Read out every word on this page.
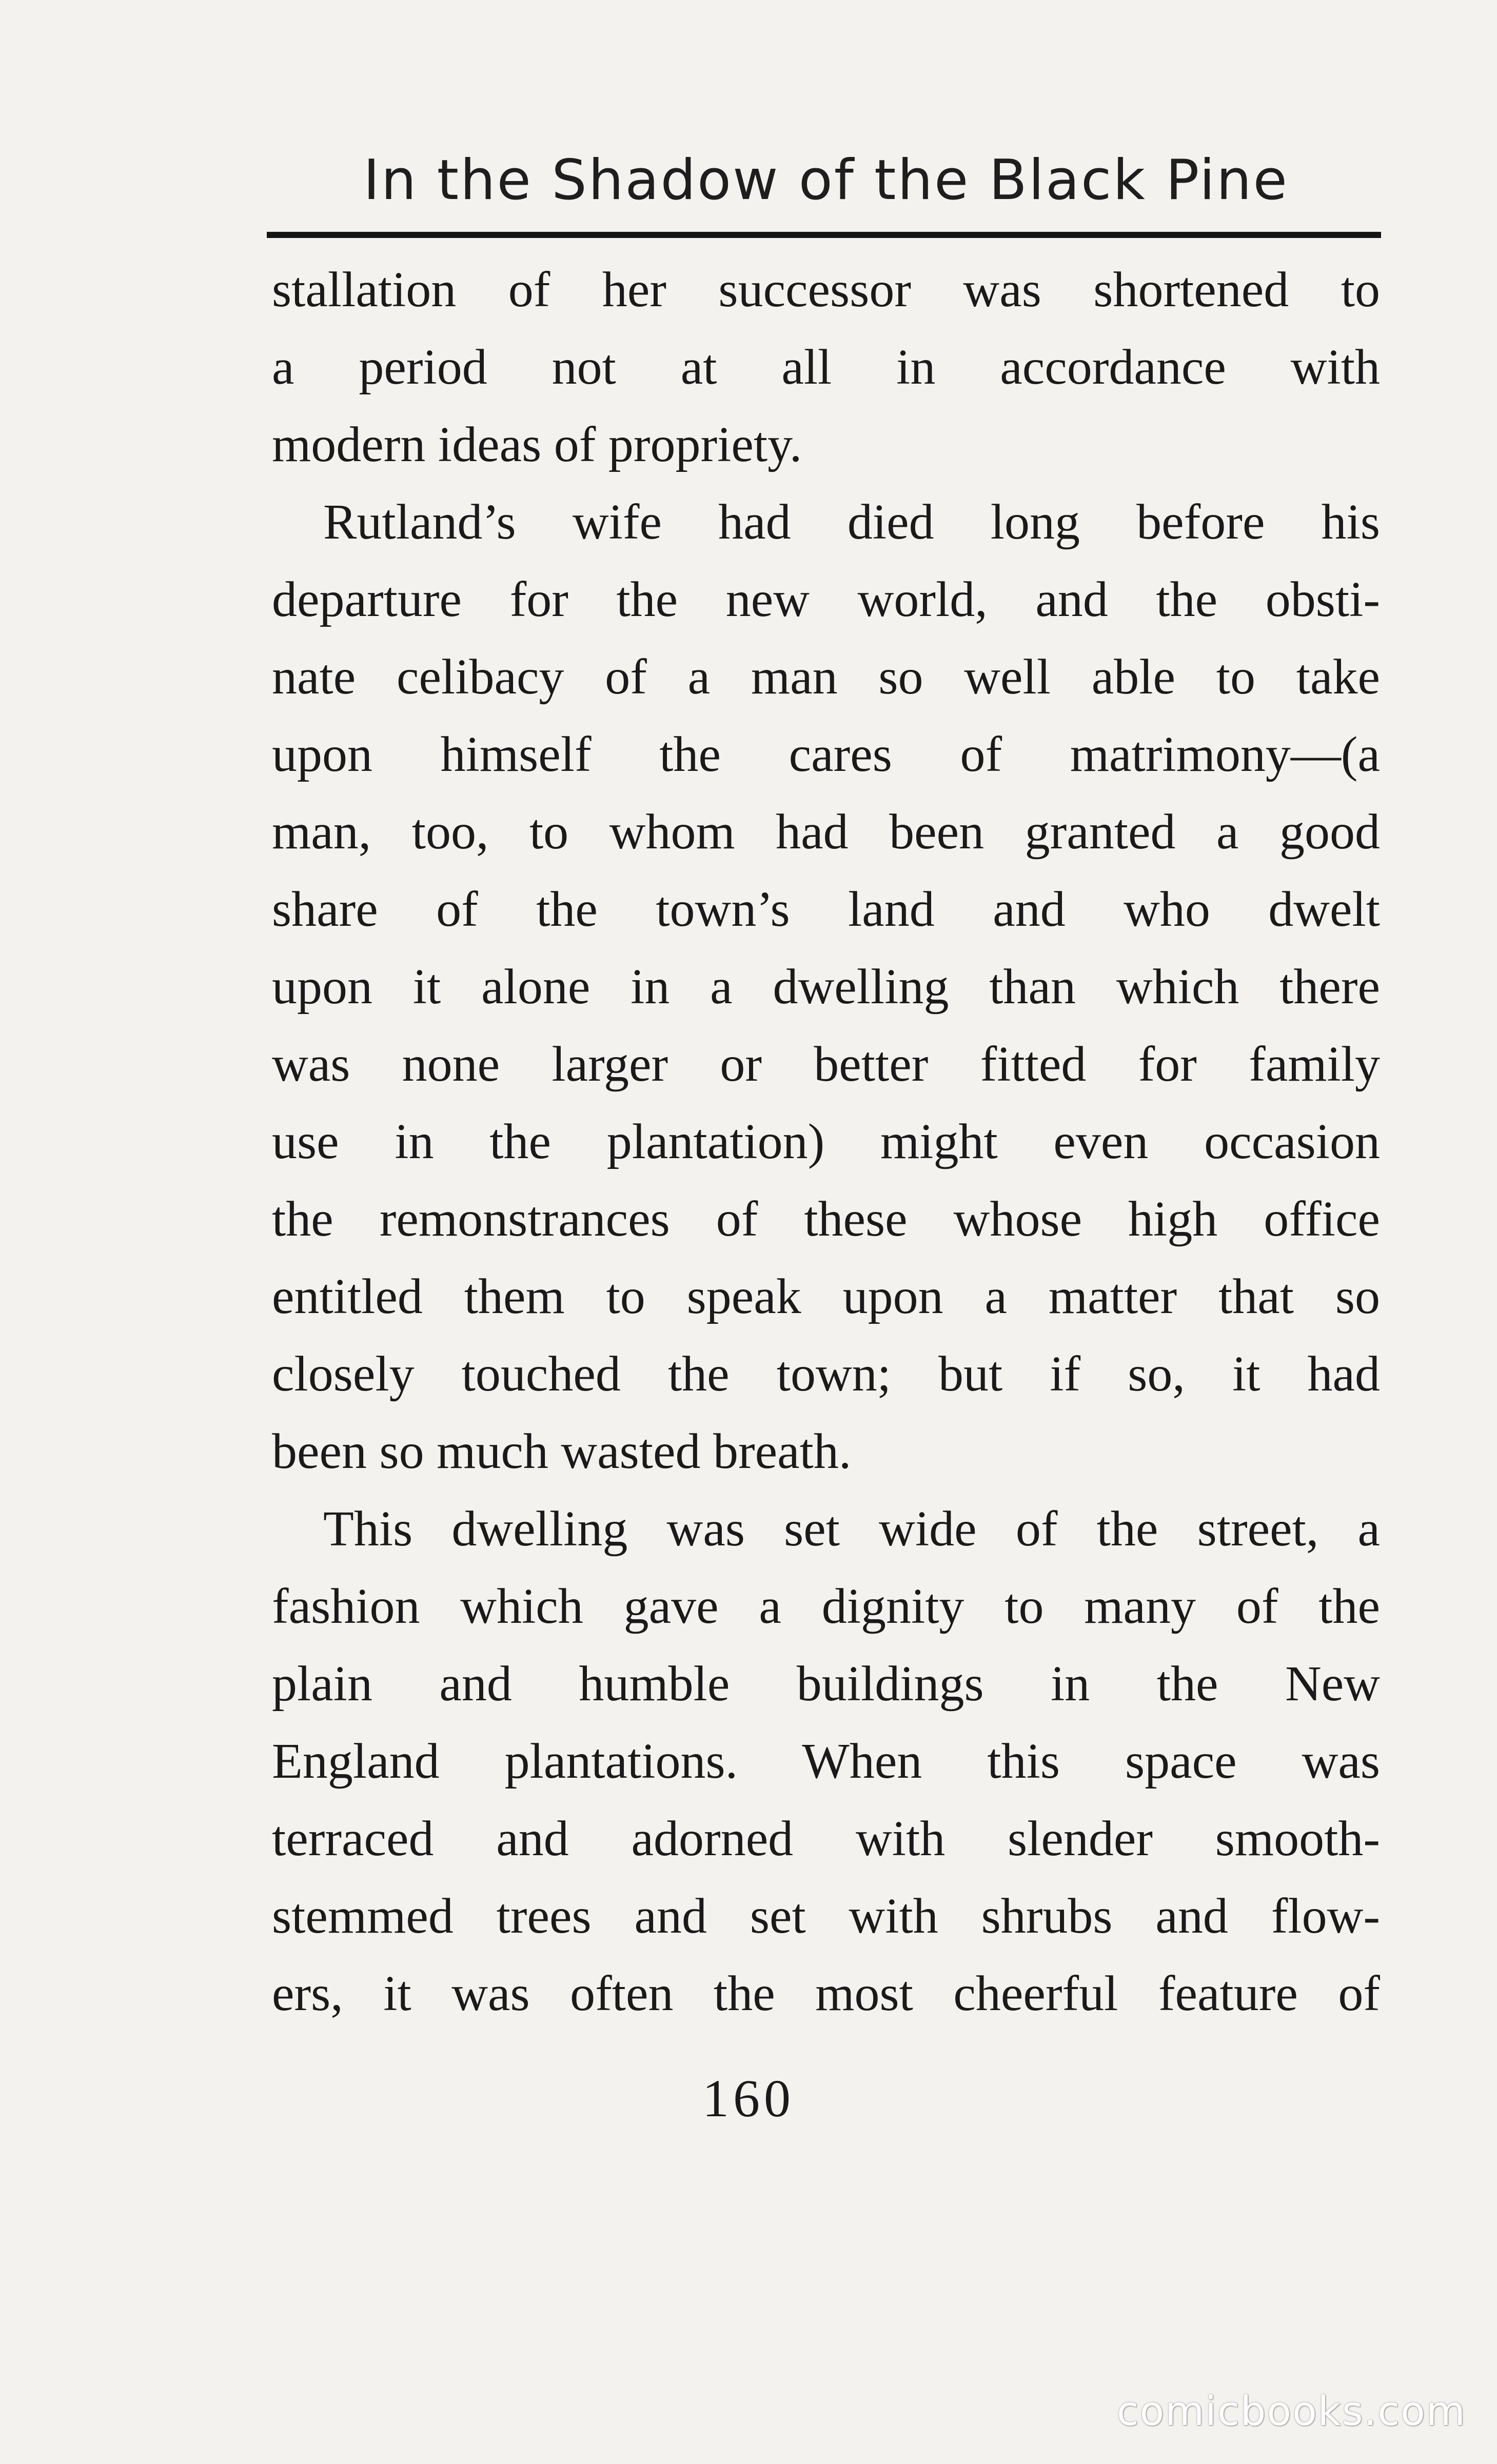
In the Shadow of the Black Pine
stallation of her successor was shortened to
a period not at all in accordance with
modern ideas of propriety.
Rutland’s wife had died long before his
departure for the new world, and the obsti-
nate celibacy of a man so well able to take
upon himself the cares of matrimony—(a
man, too, to whom had been granted a good
share of the town’s land and who dwelt
upon it alone in a dwelling than which there
was none larger or better fitted for family
use in the plantation) might even occasion
the remonstrances of these whose high office
entitled them to speak upon a matter that so
closely touched the town; but if so, it had
been so much wasted breath.
This dwelling was set wide of the street, a
fashion which gave a dignity to many of the
plain and humble buildings in the New
England plantations. When this space was
terraced and adorned with slender smooth-
stemmed trees and set with shrubs and flow-
ers, it was often the most cheerful feature of
160
comicbooks.com
